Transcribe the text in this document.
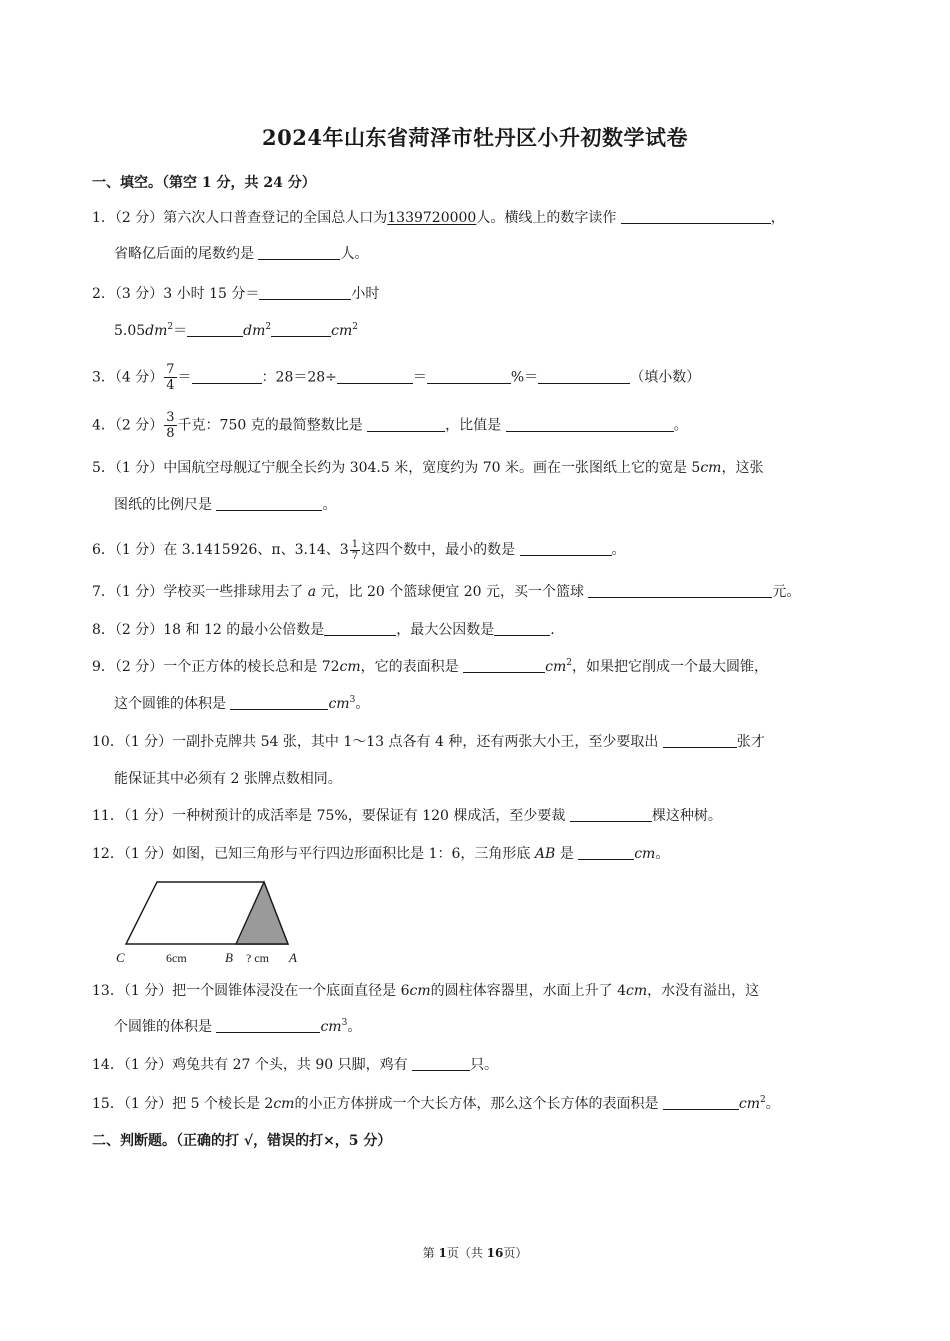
2024年山东省菏泽市牡丹区小升初数学试卷
一、填空。（第空 1 分，共 24 分）
1．（2 分）第六次人口普查登记的全国总人口为1339720000人。横线上的数字读作	，
省略亿后面的尾数约是	人。
2．（3 分）3 小时 15 分＝	小时
$5.05dm^2=$	$dm^2$	$cm^2$
3．（4 分） $\frac{7}{4}$ ＝	：28＝28÷	＝	%＝	（填小数）
4．（2 分） $\frac{3}{8}$ 千克：750 克的最简整数比是	，比值是	。
5．（1 分）中国航空母舰辽宁舰全长约为 304.5 米，宽度约为 70 米。画在一张图纸上它的宽是 5cm，这张
图纸的比例尺是	。
6．（1 分）在 3.1415926、π、3.14、$3 \frac{1}{7}$ 这四个数中，最小的数是	。
7．（1 分）学校买一些排球用去了 a 元，比 20 个篮球便宜 20 元，买一个篮球	元。
8．（2 分）18 和 12 的最小公倍数是	，最大公因数是	.
9．（2 分）一个正方体的棱长总和是 72cm，它的表面积是	$cm^2$，如果把它削成一个最大圆锥，
这个圆锥的体积是	$cm^3$。
10．（1 分）一副扑克牌共 54 张，其中 1～13 点各有 4 种，还有两张大小王，至少要取出	张才
能保证其中必须有 2 张牌点数相同。
11．（1 分）一种树预计的成活率是 75%，要保证有 120 棵成活，至少要裁	棵这种树。
12．（1 分）如图，已知三角形与平行四边形面积比是 1：6，三角形底 AB 是	cm。
C	6cm	B ? cm A
13．（1 分）把一个圆锥体浸没在一个底面直径是 6cm的圆柱体容器里，水面上升了 4cm，水没有溢出，这
个圆锥的体积是	$cm^3$。
14．（1 分）鸡兔共有 27 个头，共 90 只脚，鸡有	只。
15．（1 分）把 5 个棱长是 2cm的小正方体拼成一个大长方体，那么这个长方体的表面积是	$cm^2$。
二、判断题。（正确的打 √，错误的打×，5 分）
第 1页（共 16页）
